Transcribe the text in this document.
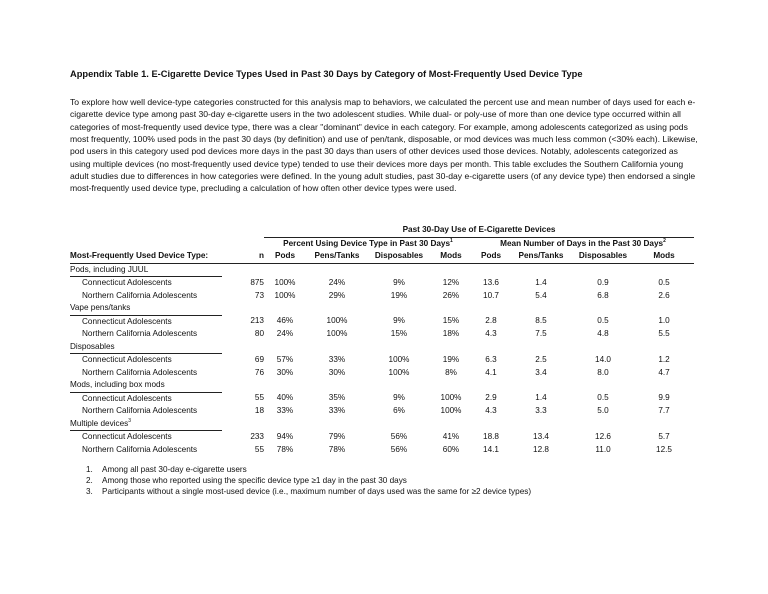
Appendix Table 1. E-Cigarette Device Types Used in Past 30 Days by Category of Most-Frequently Used Device Type

To explore how well device-type categories constructed for this analysis map to behaviors, we calculated the percent use and mean number of days used for each e-cigarette device type among past 30-day e-cigarette users in the two adolescent studies. While dual- or poly-use of more than one device type occurred within all categories of most-frequently used device type, there was a clear "dominant" device in each category. For example, among adolescents categorized as using pods most frequently, 100% used pods in the past 30 days (by definition) and use of pen/tank, disposable, or mod devices was much less common (<30% each). Likewise, pod users in this category used pod devices more days in the past 30 days than users of other devices used those devices. Notably, adolescents categorized as using multiple devices (no most-frequently used device type) tended to use their devices more days per month. This table excludes the Southern California young adult studies due to differences in how categories were defined. In the young adult studies, past 30-day e-cigarette users (of any device type) then endorsed a single most-frequently used device type, precluding a calculation of how often other device types were used.

		Past 30-Day Use of E-Cigarette Devices							
		Percent Using Device Type in Past 30 Days$^1$				Mean Number of Days in the Past 30 Days$^2$
Most-Frequently Used Device Type:	n	Pods	Pens/Tanks	Disposables	Mods	Pods	Pens/Tanks	Disposables	Mods
Pods, including JUUL									
Connecticut Adolescents	875	100%	24%	9%	12%	13.6	1.4	0.9	0.5
Northern California Adolescents	73	100%	29%	19%	26%	10.7	5.4	6.8	2.6
Vape pens/tanks									
Connecticut Adolescents	213	46%	100%	9%	15%	2.8	8.5	0.5	1.0
Northern California Adolescents	80	24%	100%	15%	18%	4.3	7.5	4.8	5.5
Disposables									
Connecticut Adolescents	69	57%	33%	100%	19%	6.3	2.5	14.0	1.2
Northern California Adolescents	76	30%	30%	100%	8%	4.1	3.4	8.0	4.7
Mods, including box mods									
Connecticut Adolescents	55	40%	35%	9%	100%	2.9	1.4	0.5	9.9
Northern California Adolescents	18	33%	33%	6%	100%	4.3	3.3	5.0	7.7
Multiple devices$^3$	
Connecticut Adolescents	233	94%	79%	56%	41%	18.8	13.4	12.6	5.7
Northern California Adolescents	55	78%	78%	56%	60%	14.1	12.8	11.0	12.5
1. Among all past 30-day e-cigarette users
2. Among those who reported using the specific device type ≥1 day in the past 30 days
3. Participants without a single most-used device (i.e., maximum number of days used was the same for ≥2 device types)
